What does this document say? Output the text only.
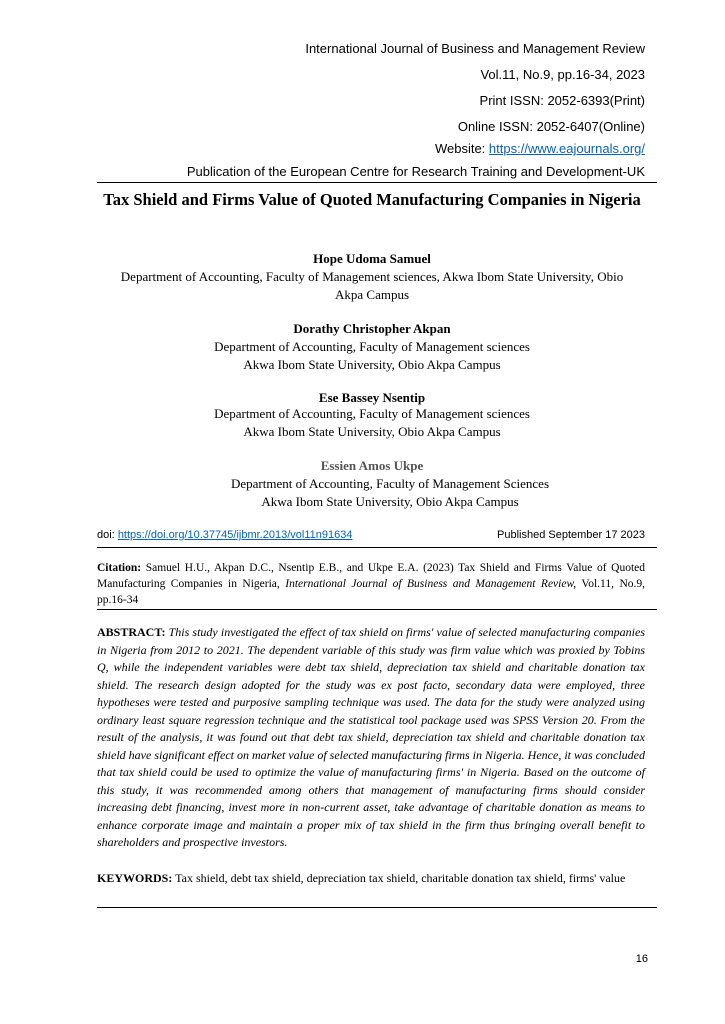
International Journal of Business and Management Review
Vol.11, No.9, pp.16-34, 2023
Print ISSN: 2052-6393(Print)
Online ISSN: 2052-6407(Online)
Website: https://www.eajournals.org/
Publication of the European Centre for Research Training and Development-UK
Tax Shield and Firms Value of Quoted Manufacturing Companies in Nigeria
Hope Udoma Samuel
Department of Accounting, Faculty of Management sciences, Akwa Ibom State University, Obio
Akpa Campus
Dorathy Christopher Akpan
Department of Accounting, Faculty of Management sciences
Akwa Ibom State University, Obio Akpa Campus
Ese Bassey Nsentip
Department of Accounting, Faculty of Management sciences
Akwa Ibom State University, Obio Akpa Campus
Essien Amos Ukpe
Department of Accounting, Faculty of Management Sciences
Akwa Ibom State University, Obio Akpa Campus
doi: https://doi.org/10.37745/ijbmr.2013/vol11n91634	Published September 17 2023
Citation: Samuel H.U., Akpan D.C., Nsentip E.B., and Ukpe E.A. (2023) Tax Shield and Firms Value of Quoted Manufacturing Companies in Nigeria, International Journal of Business and Management Review, Vol.11, No.9, pp.16-34
ABSTRACT: This study investigated the effect of tax shield on firms' value of selected manufacturing companies in Nigeria from 2012 to 2021. The dependent variable of this study was firm value which was proxied by Tobins Q, while the independent variables were debt tax shield, depreciation tax shield and charitable donation tax shield. The research design adopted for the study was ex post facto, secondary data were employed, three hypotheses were tested and purposive sampling technique was used. The data for the study were analyzed using ordinary least square regression technique and the statistical tool package used was SPSS Version 20. From the result of the analysis, it was found out that debt tax shield, depreciation tax shield and charitable donation tax shield have significant effect on market value of selected manufacturing firms in Nigeria. Hence, it was concluded that tax shield could be used to optimize the value of manufacturing firms' in Nigeria. Based on the outcome of this study, it was recommended among others that management of manufacturing firms should consider increasing debt financing, invest more in non-current asset, take advantage of charitable donation as means to enhance corporate image and maintain a proper mix of tax shield in the firm thus bringing overall benefit to shareholders and prospective investors.
KEYWORDS: Tax shield, debt tax shield, depreciation tax shield, charitable donation tax shield, firms' value
16
